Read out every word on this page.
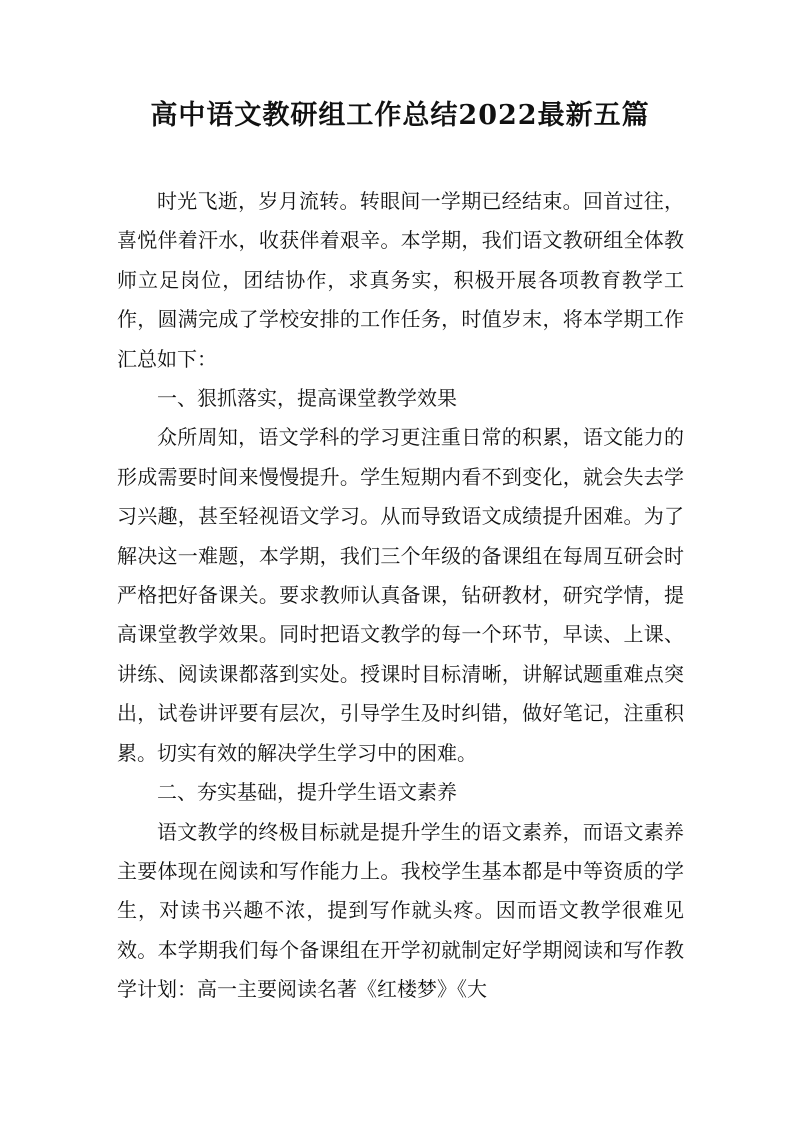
高中语文教研组工作总结2022最新五篇

时光飞逝，岁月流转。转眼间一学期已经结束。回首过往，喜悦伴着汗水，收获伴着艰辛。本学期，我们语文教研组全体教师立足岗位，团结协作，求真务实，积极开展各项教育教学工作，圆满完成了学校安排的工作任务，时值岁末，将本学期工作汇总如下：

一、狠抓落实，提高课堂教学效果

众所周知，语文学科的学习更注重日常的积累，语文能力的形成需要时间来慢慢提升。学生短期内看不到变化，就会失去学习兴趣，甚至轻视语文学习。从而导致语文成绩提升困难。为了解决这一难题，本学期，我们三个年级的备课组在每周互研会时严格把好备课关。要求教师认真备课，钻研教材，研究学情，提高课堂教学效果。同时把语文教学的每一个环节，早读、上课、讲练、阅读课都落到实处。授课时目标清晰，讲解试题重难点突出，试卷讲评要有层次，引导学生及时纠错，做好笔记，注重积累。切实有效的解决学生学习中的困难。

二、夯实基础，提升学生语文素养

语文教学的终极目标就是提升学生的语文素养，而语文素养主要体现在阅读和写作能力上。我校学生基本都是中等资质的学生，对读书兴趣不浓，提到写作就头疼。因而语文教学很难见效。本学期我们每个备课组在开学初就制定好学期阅读和写作教学计划：高一主要阅读名著《红楼梦》《大
